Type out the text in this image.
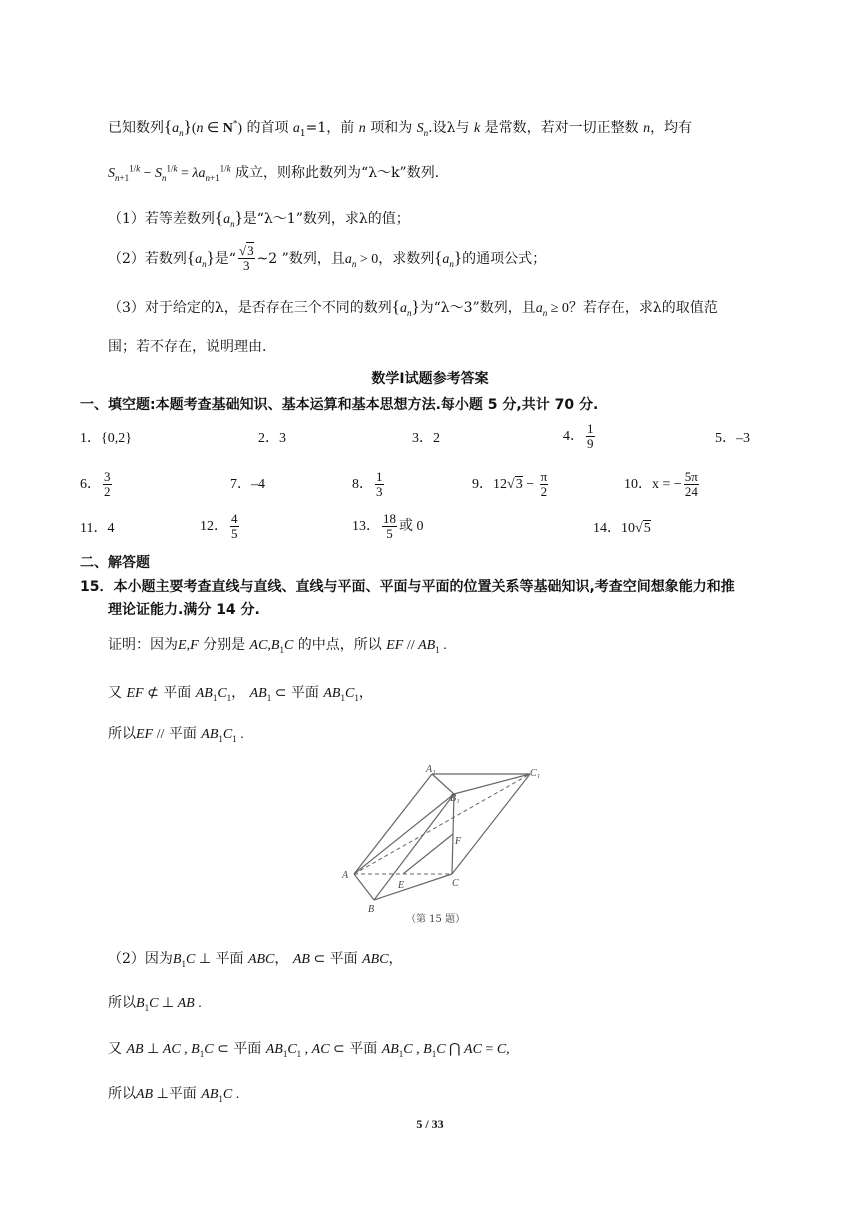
已知数列$\{a_n\}(n$ ∈ N*) 的首项 $a_1=1$，前 n 项和为 $S_n$.设λ与 k 是常数，若对一切正整数 n，均有
$S_{n+1}^{1/k} - S_n^{1/k} = \lambda a_{n+1}^{1/k}$ 成立，则称此数列为“λ～k”数列.
（1）若等差数列$\{a_n\}$是“λ～1”数列，求λ的值；
（2）若数列$\{a_n\}$是“ $\frac{√3}{3}$ ~2 ”数列，且$a_n > 0$，求数列$\{a_n\}$的通项公式；
（3）对于给定的λ，是否存在三个不同的数列$\{a_n\}$为“λ～3”数列，且$a_n \ge 0$？若存在，求λ的取值范
围；若不存在，说明理由.
数学Ⅰ试题参考答案
一、填空题:本题考查基础知识、基本运算和基本思想方法.每小题 5 分,共计 70 分.
1．{0,2}	2．3	3．2	4． $\frac{1}{9}$	5．–3
6． $\frac{3}{2}$	7．–4	8． $\frac{1}{3}$	9．$12√3 - \frac{\pi}{2}$	10．x = − $\frac{5\pi}{24}$
11．4	12． $\frac{4}{5}$	13． $\frac{18}{5}$ 或 0	14．10√5
二、解答题
15．本小题主要考查直线与直线、直线与平面、平面与平面的位置关系等基础知识,考查空间想象能力和推
理论证能力.满分 14 分.
证明：因为E,F 分别是 $AC,B_1C$ 的中点，所以 EF // $AB_1$ .
又 EF ⊄ 平面 $AB_1C_1$， $AB_1$ ⊂ 平面 $AB_1C_1$，
所以EF // 平面 $AB_1C_1$ .
A₁	C₁
B₁
F
A
E	C
B
（第 15 题）
（2）因为$B_1C$ ⊥ 平面 ABC， AB ⊂ 平面 ABC，
所以$B_1C$ ⊥ AB .
又 AB ⊥ AC , $B_1C$ ⊂ 平面 $AB_1C_1$ , AC ⊂ 平面 $AB_1C$ , $B_1C$ ⋂ AC = C,
所以AB ⊥平面 $AB_1C$ .
5 / 33
